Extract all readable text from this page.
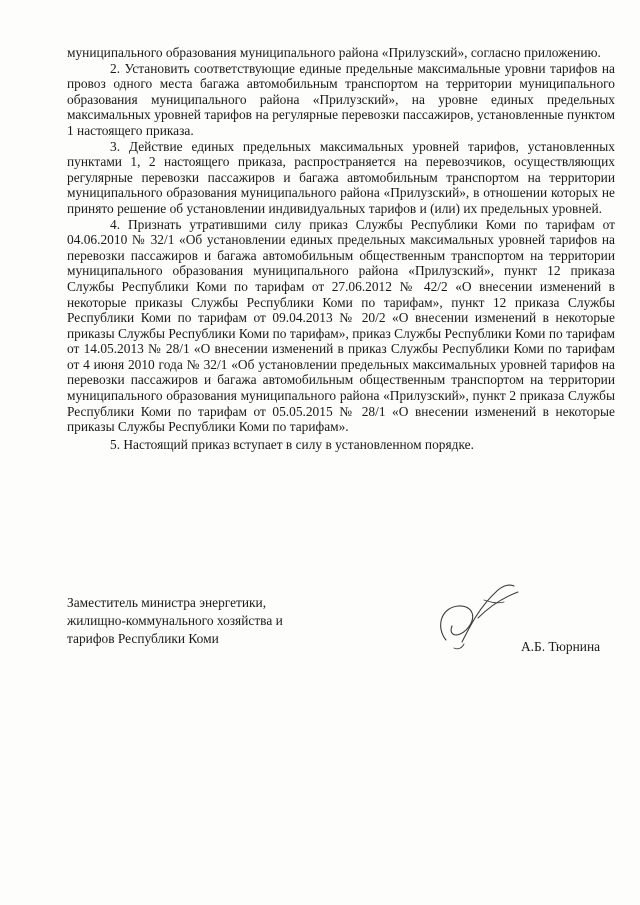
муниципального образования муниципального района «Прилузский», согласно приложению.

2. Установить соответствующие единые предельные максимальные уровни тарифов на провоз одного места багажа автомобильным транспортом на территории муниципального образования муниципального района «Прилузский», на уровне единых предельных максимальных уровней тарифов на регулярные перевозки пассажиров, установленные пунктом 1 настоящего приказа.

3. Действие единых предельных максимальных уровней тарифов, установленных пунктами 1, 2 настоящего приказа, распространяется на перевозчиков, осуществляющих регулярные перевозки пассажиров и багажа автомобильным транспортом на территории муниципального образования муниципального района «Прилузский», в отношении которых не принято решение об установлении индивидуальных тарифов и (или) их предельных уровней.

4. Признать утратившими силу приказ Службы Республики Коми по тарифам от 04.06.2010 № 32/1 «Об установлении единых предельных максимальных уровней тарифов на перевозки пассажиров и багажа автомобильным общественным транспортом на территории муниципального образования муниципального района «Прилузский», пункт 12 приказа Службы Республики Коми по тарифам от 27.06.2012 № 42/2 «О внесении изменений в некоторые приказы Службы Республики Коми по тарифам», пункт 12 приказа Службы Республики Коми по тарифам от 09.04.2013 № 20/2 «О внесении изменений в некоторые приказы Службы Республики Коми по тарифам», приказ Службы Республики Коми по тарифам от 14.05.2013 № 28/1 «О внесении изменений в приказ Службы Республики Коми по тарифам от 4 июня 2010 года № 32/1 «Об установлении предельных максимальных уровней тарифов на перевозки пассажиров и багажа автомобильным общественным транспортом на территории муниципального образования муниципального района «Прилузский», пункт 2 приказа Службы Республики Коми по тарифам от 05.05.2015 № 28/1 «О внесении изменений в некоторые приказы Службы Республики Коми по тарифам».

5. Настоящий приказ вступает в силу в установленном порядке.

Заместитель министра энергетики,
жилищно-коммунального хозяйства и
тарифов Республики Коми
А.Б. Тюрнина
